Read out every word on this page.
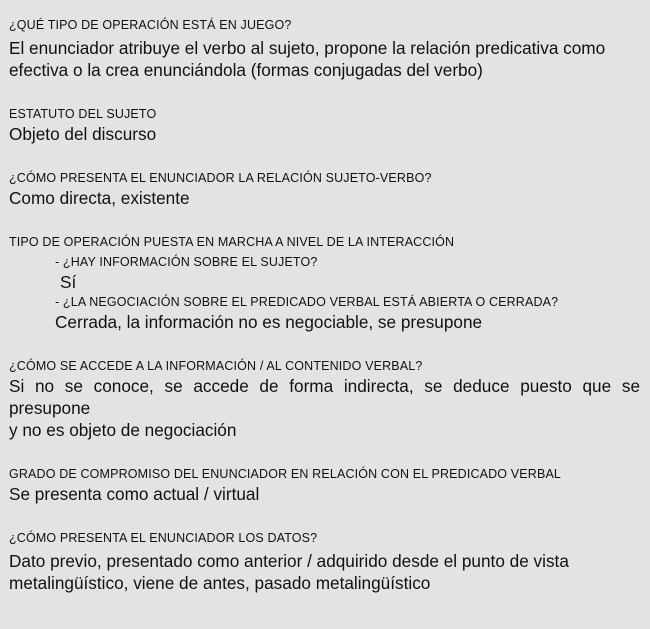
¿QUÉ TIPO DE OPERACIÓN ESTÁ EN JUEGO?

El enunciador atribuye el verbo al sujeto, propone la relación predicativa como

efectiva o la crea enunciándola (formas conjugadas del verbo)

ESTATUTO DEL SUJETO

Objeto del discurso

¿CÓMO PRESENTA EL ENUNCIADOR LA RELACIÓN SUJETO-VERBO?

Como directa, existente

TIPO DE OPERACIÓN PUESTA EN MARCHA A NIVEL DE LA INTERACCIÓN

- ¿HAY INFORMACIÓN SOBRE EL SUJETO?

Sí

- ¿LA NEGOCIACIÓN SOBRE EL PREDICADO VERBAL ESTÁ ABIERTA O CERRADA?

Cerrada, la información no es negociable, se presupone

¿CÓMO SE ACCEDE A LA INFORMACIÓN / AL CONTENIDO VERBAL?

Si no se conoce, se accede de forma indirecta, se deduce puesto que se presupone

y no es objeto de negociación

GRADO DE COMPROMISO DEL ENUNCIADOR EN RELACIÓN CON EL PREDICADO VERBAL

Se presenta como actual / virtual

¿CÓMO PRESENTA EL ENUNCIADOR LOS DATOS?

Dato previo, presentado como anterior / adquirido desde el punto de vista

metalingüístico, viene de antes, pasado metalingüístico
